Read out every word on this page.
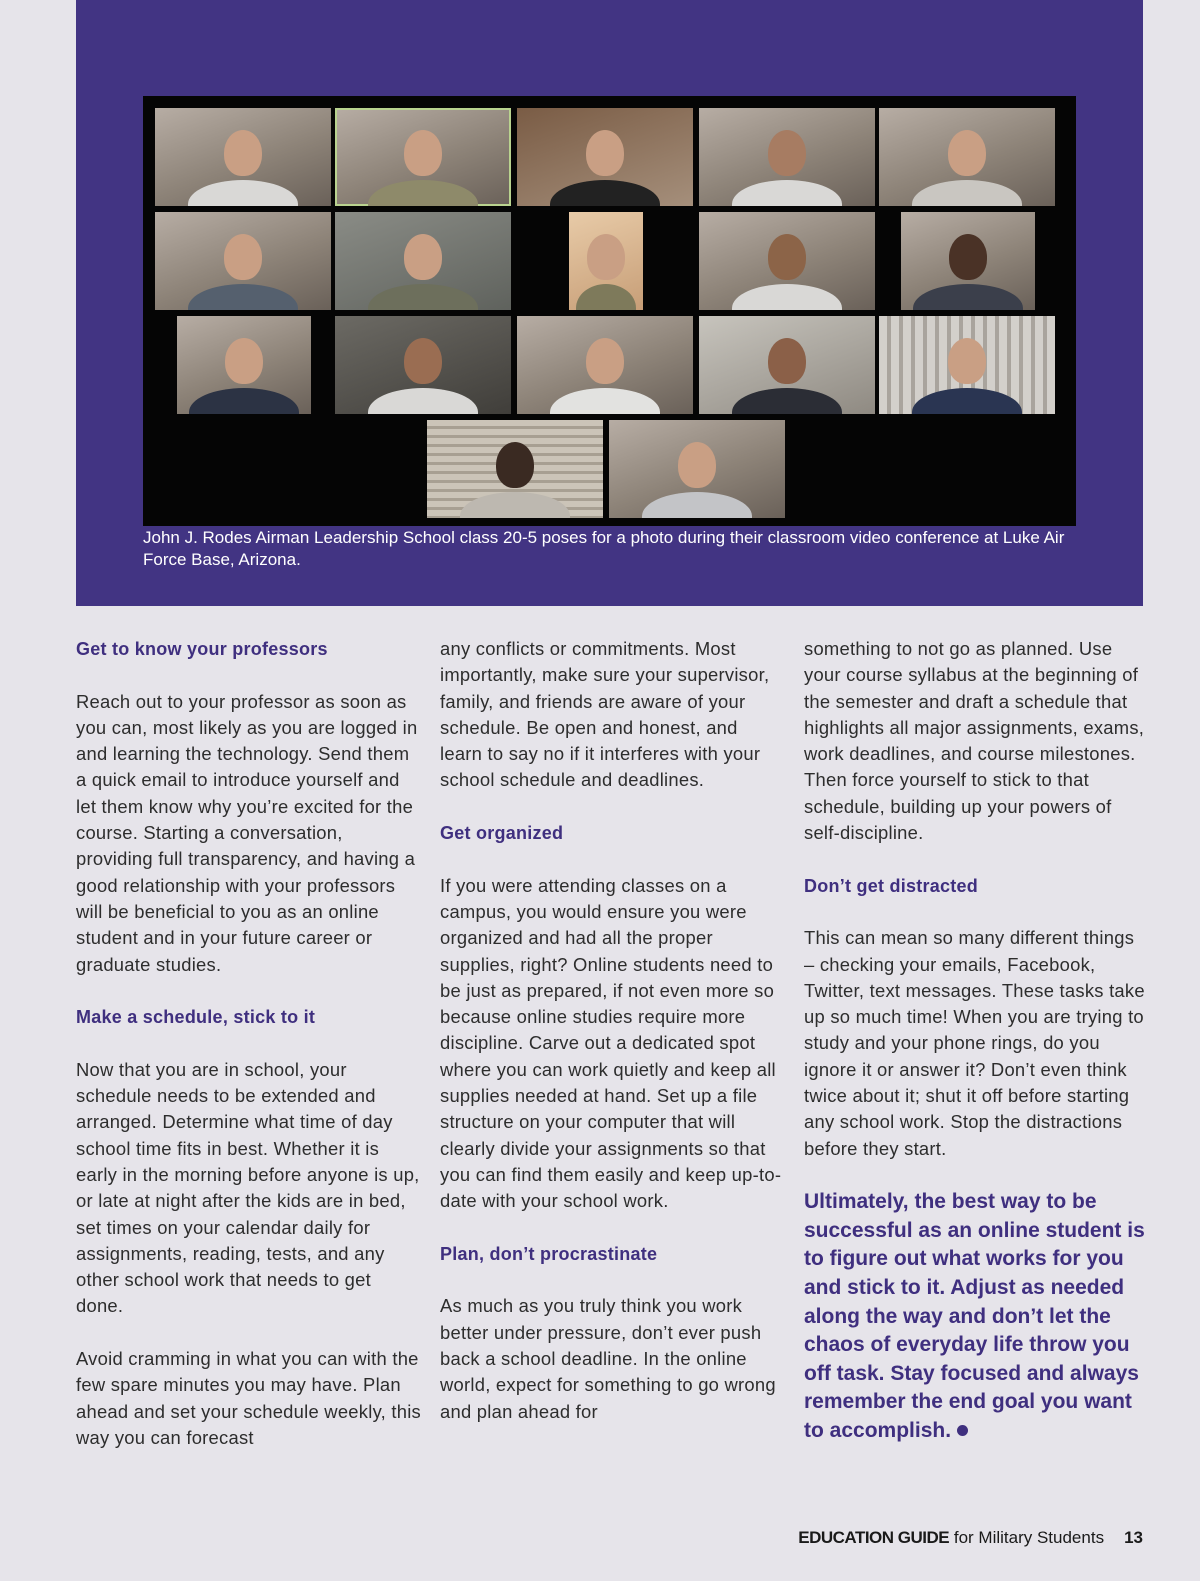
John J. Rodes Airman Leadership School class 20-5 poses for a photo during their classroom video conference at Luke Air Force Base, Arizona.
Get to know your professors

Reach out to your professor as soon as you can, most likely as you are logged in and learning the technology. Send them a quick email to introduce yourself and let them know why you’re excited for the course. Starting a conversation, providing full transparency, and having a good relationship with your professors will be beneficial to you as an online student and in your future career or graduate studies.

Make a schedule, stick to it

Now that you are in school, your schedule needs to be extended and arranged. Determine what time of day school time fits in best. Whether it is early in the morning before anyone is up, or late at night after the kids are in bed, set times on your calendar daily for assignments, reading, tests, and any other school work that needs to get done.

Avoid cramming in what you can with the few spare minutes you may have. Plan ahead and set your schedule weekly, this way you can forecast

any conflicts or commitments. Most importantly, make sure your supervisor, family, and friends are aware of your schedule. Be open and honest, and learn to say no if it interferes with your school schedule and deadlines.

Get organized

If you were attending classes on a campus, you would ensure you were organized and had all the proper supplies, right? Online students need to be just as prepared, if not even more so because online studies require more discipline. Carve out a dedicated spot where you can work quietly and keep all supplies needed at hand. Set up a file structure on your computer that will clearly divide your assignments so that you can find them easily and keep up-to-date with your school work.

Plan, don’t procrastinate

As much as you truly think you work better under pressure, don’t ever push back a school deadline. In the online world, expect for something to go wrong and plan ahead for

something to not go as planned. Use your course syllabus at the beginning of the semester and draft a schedule that highlights all major assignments, exams, work deadlines, and course milestones. Then force yourself to stick to that schedule, building up your powers of self-discipline.

Don’t get distracted

This can mean so many different things – checking your emails, Facebook, Twitter, text messages. These tasks take up so much time! When you are trying to study and your phone rings, do you ignore it or answer it? Don’t even think twice about it; shut it off before starting any school work. Stop the distractions before they start.

Ultimately, the best way to be successful as an online student is to figure out what works for you and stick to it. Adjust as needed along the way and don’t let the chaos of everyday life throw you off task. Stay focused and always remember the end goal you want to accomplish.

EDUCATION GUIDE for Military Students 13
